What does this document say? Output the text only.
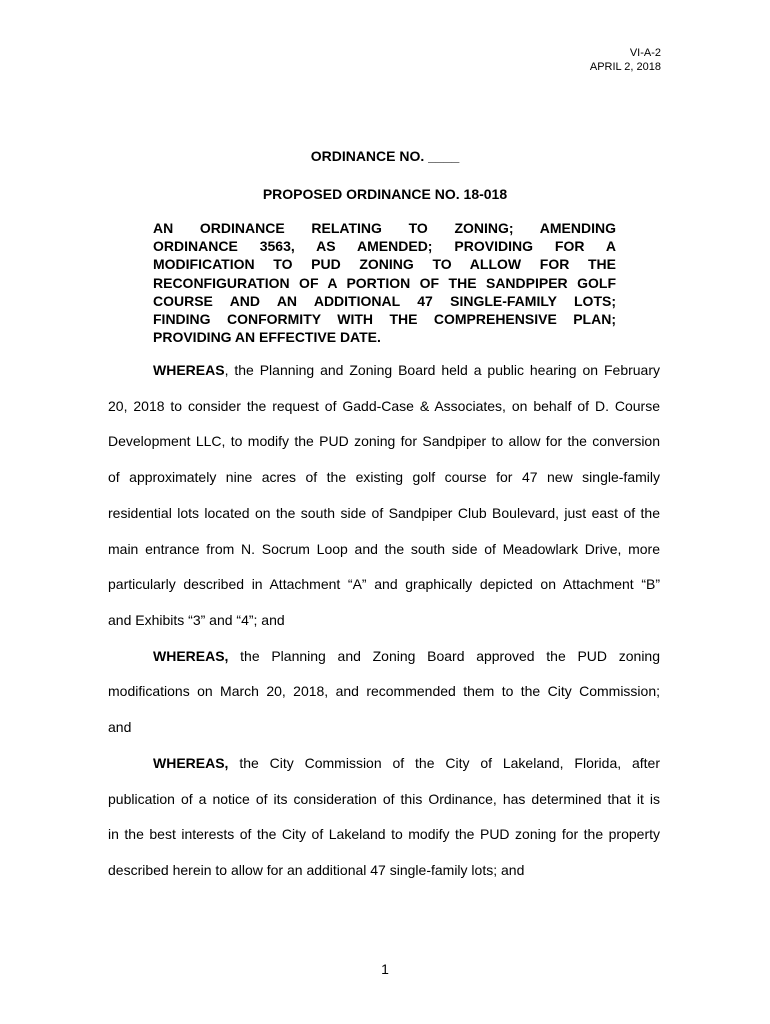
VI-A-2
APRIL 2, 2018
ORDINANCE NO. ____
PROPOSED ORDINANCE NO. 18-018
AN ORDINANCE RELATING TO ZONING; AMENDING
ORDINANCE 3563, AS AMENDED; PROVIDING FOR A
MODIFICATION TO PUD ZONING TO ALLOW FOR THE
RECONFIGURATION OF A PORTION OF THE SANDPIPER GOLF
COURSE AND AN ADDITIONAL 47 SINGLE-FAMILY LOTS;
FINDING CONFORMITY WITH THE COMPREHENSIVE PLAN;
PROVIDING AN EFFECTIVE DATE.
WHEREAS, the Planning and Zoning Board held a public hearing on February
20, 2018 to consider the request of Gadd-Case & Associates, on behalf of D. Course
Development LLC, to modify the PUD zoning for Sandpiper to allow for the conversion
of approximately nine acres of the existing golf course for 47 new single-family
residential lots located on the south side of Sandpiper Club Boulevard, just east of the
main entrance from N. Socrum Loop and the south side of Meadowlark Drive, more
particularly described in Attachment “A” and graphically depicted on Attachment “B”
and Exhibits “3” and “4”; and
WHEREAS, the Planning and Zoning Board approved the PUD zoning
modifications on March 20, 2018, and recommended them to the City Commission;
and
WHEREAS, the City Commission of the City of Lakeland, Florida, after
publication of a notice of its consideration of this Ordinance, has determined that it is
in the best interests of the City of Lakeland to modify the PUD zoning for the property
described herein to allow for an additional 47 single-family lots; and
1
